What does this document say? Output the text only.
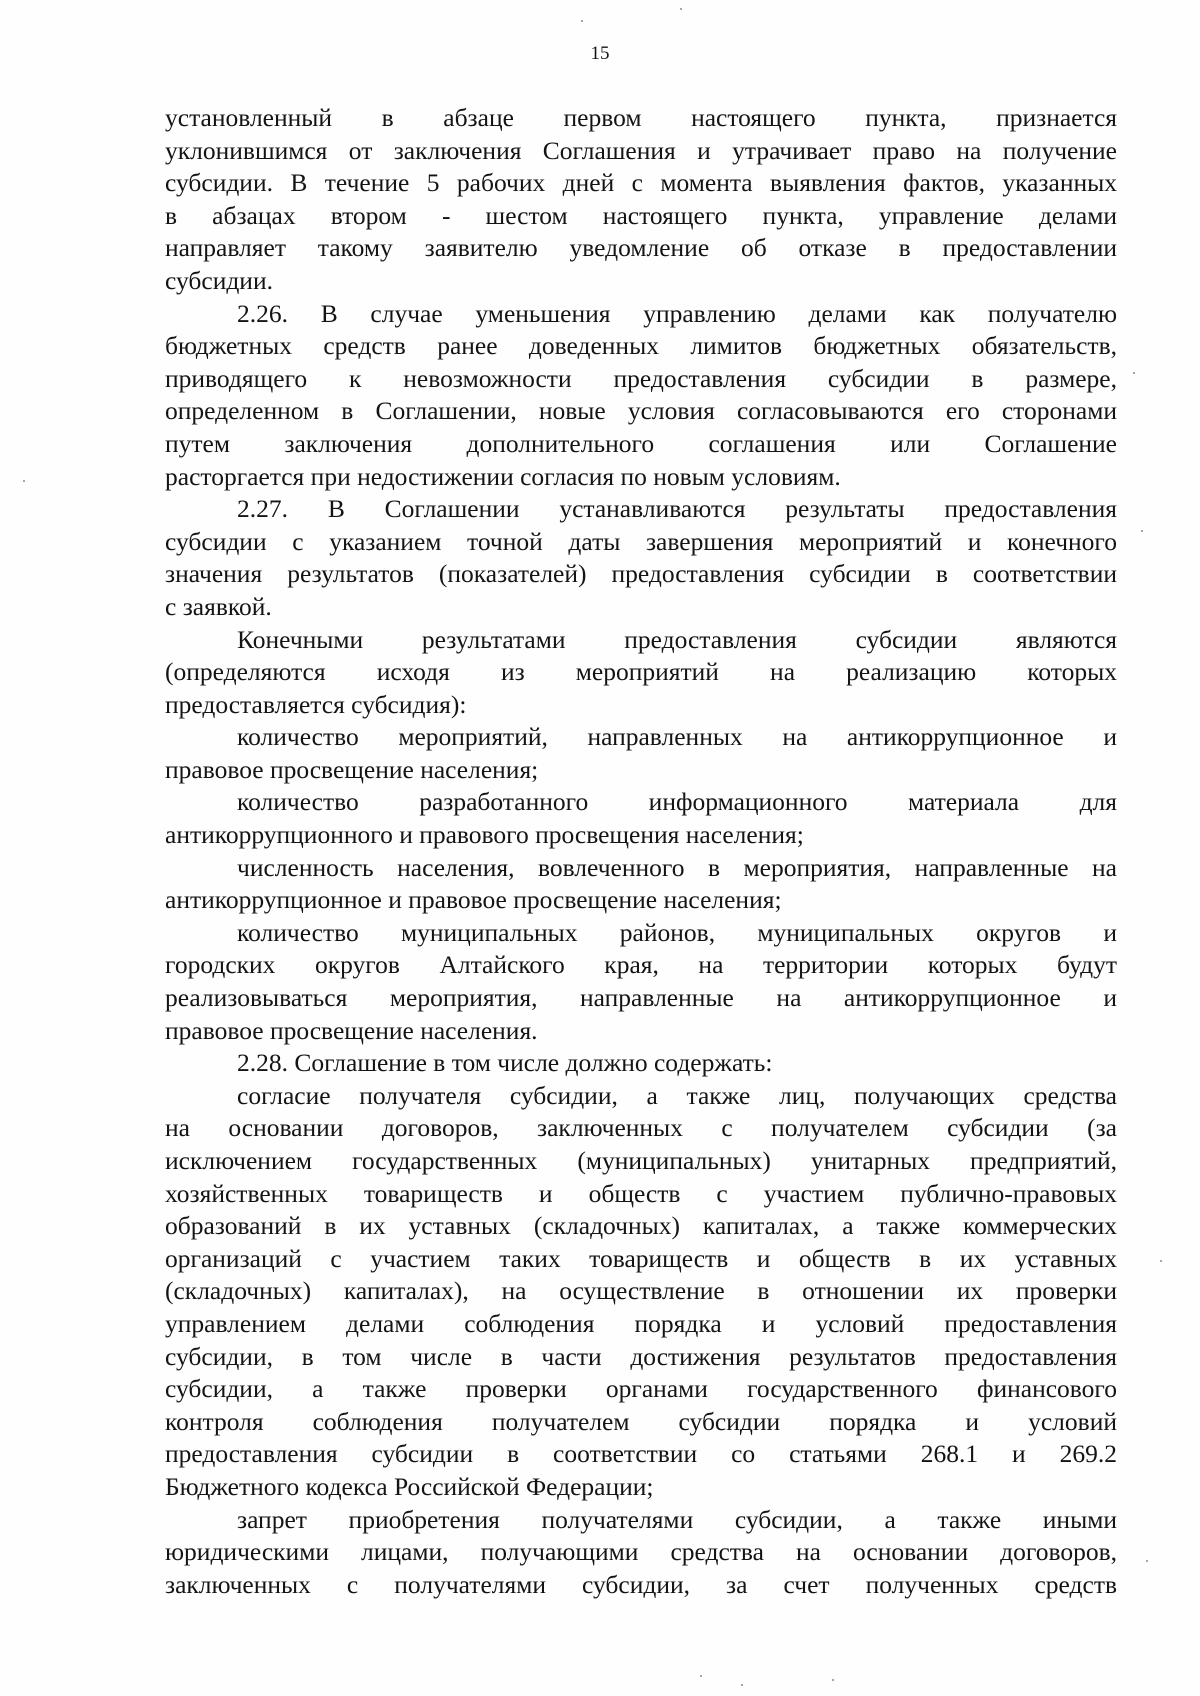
15

установленный в абзаце первом настоящего пункта, признается

уклонившимся от заключения Соглашения и утрачивает право на получение

субсидии. В течение 5 рабочих дней с момента выявления фактов, указанных

в абзацах втором - шестом настоящего пункта, управление делами

направляет такому заявителю уведомление об отказе в предоставлении

субсидии.

2.26. В случае уменьшения управлению делами как получателю

бюджетных средств ранее доведенных лимитов бюджетных обязательств,

приводящего к невозможности предоставления субсидии в размере,

определенном в Соглашении, новые условия согласовываются его сторонами

путем заключения дополнительного соглашения или Соглашение

расторгается при недостижении согласия по новым условиям.

2.27. В Соглашении устанавливаются результаты предоставления

субсидии с указанием точной даты завершения мероприятий и конечного

значения результатов (показателей) предоставления субсидии в соответствии

с заявкой.

Конечными результатами предоставления субсидии являются

(определяются исходя из мероприятий на реализацию которых

предоставляется субсидия):

количество мероприятий, направленных на антикоррупционное и

правовое просвещение населения;

количество разработанного информационного материала для

антикоррупционного и правового просвещения населения;

численность населения, вовлеченного в мероприятия, направленные на

антикоррупционное и правовое просвещение населения;

количество муниципальных районов, муниципальных округов и

городских округов Алтайского края, на территории которых будут

реализовываться мероприятия, направленные на антикоррупционное и

правовое просвещение населения.

2.28. Соглашение в том числе должно содержать:

согласие получателя субсидии, а также лиц, получающих средства

на основании договоров, заключенных с получателем субсидии (за

исключением государственных (муниципальных) унитарных предприятий,

хозяйственных товариществ и обществ с участием публично-правовых

образований в их уставных (складочных) капиталах, а также коммерческих

организаций с участием таких товариществ и обществ в их уставных

(складочных) капиталах), на осуществление в отношении их проверки

управлением делами соблюдения порядка и условий предоставления

субсидии, в том числе в части достижения результатов предоставления

субсидии, а также проверки органами государственного финансового

контроля соблюдения получателем субсидии порядка и условий

предоставления субсидии в соответствии со статьями 268.1 и 269.2

Бюджетного кодекса Российской Федерации;

запрет приобретения получателями субсидии, а также иными

юридическими лицами, получающими средства на основании договоров,

заключенных с получателями субсидии, за счет полученных средств
